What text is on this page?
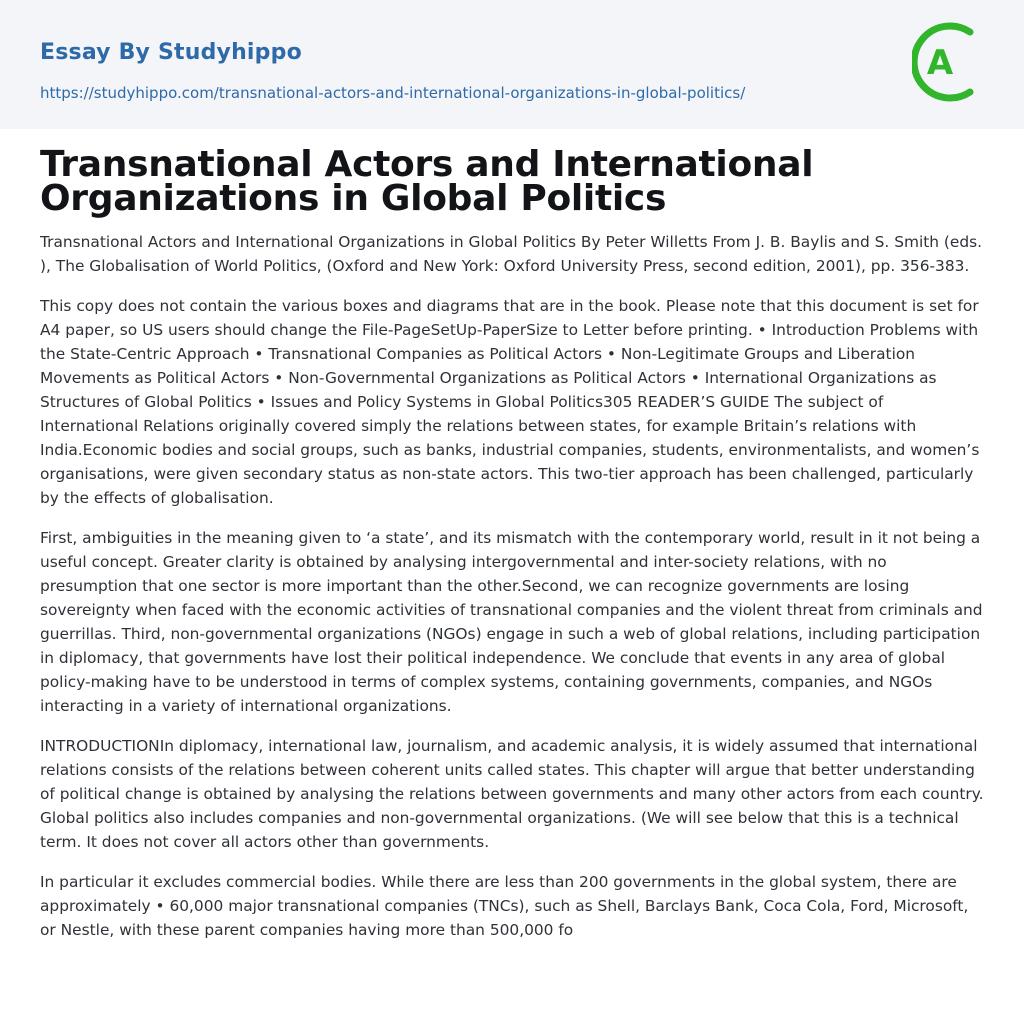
Essay By Studyhippo
https://studyhippo.com/transnational-actors-and-international-organizations-in-global-politics/
A
Transnational Actors and International Organizations in Global Politics

Transnational Actors and International Organizations in Global Politics By Peter Willetts From J. B. Baylis and S. Smith (eds. ), The Globalisation of World Politics, (Oxford and New York: Oxford University Press, second edition, 2001), pp. 356-383.

This copy does not contain the various boxes and diagrams that are in the book. Please note that this document is set for A4 paper, so US users should change the File-PageSetUp-PaperSize to Letter before printing. • Introduction Problems with the State-Centric Approach • Transnational Companies as Political Actors • Non-Legitimate Groups and Liberation Movements as Political Actors • Non-Governmental Organizations as Political Actors • International Organizations as Structures of Global Politics • Issues and Policy Systems in Global Politics305 READER’S GUIDE The subject of International Relations originally covered simply the relations between states, for example Britain’s relations with India.Economic bodies and social groups, such as banks, industrial companies, students, environmentalists, and women’s organisations, were given secondary status as non-state actors. This two-tier approach has been challenged, particularly by the effects of globalisation.

First, ambiguities in the meaning given to ‘a state’, and its mismatch with the contemporary world, result in it not being a useful concept. Greater clarity is obtained by analysing intergovernmental and inter-society relations, with no presumption that one sector is more important than the other.Second, we can recognize governments are losing sovereignty when faced with the economic activities of transnational companies and the violent threat from criminals and guerrillas. Third, non-governmental organizations (NGOs) engage in such a web of global relations, including participation in diplomacy, that governments have lost their political independence. We conclude that events in any area of global policy-making have to be understood in terms of complex systems, containing governments, companies, and NGOs interacting in a variety of international organizations.

INTRODUCTIONIn diplomacy, international law, journalism, and academic analysis, it is widely assumed that international relations consists of the relations between coherent units called states. This chapter will argue that better understanding of political change is obtained by analysing the relations between governments and many other actors from each country. Global politics also includes companies and non-governmental organizations. (We will see below that this is a technical term. It does not cover all actors other than governments.

In particular it excludes commercial bodies. While there are less than 200 governments in the global system, there are approximately • 60,000 major transnational companies (TNCs), such as Shell, Barclays Bank, Coca Cola, Ford, Microsoft, or Nestle, with these parent companies having more than 500,000 fo
